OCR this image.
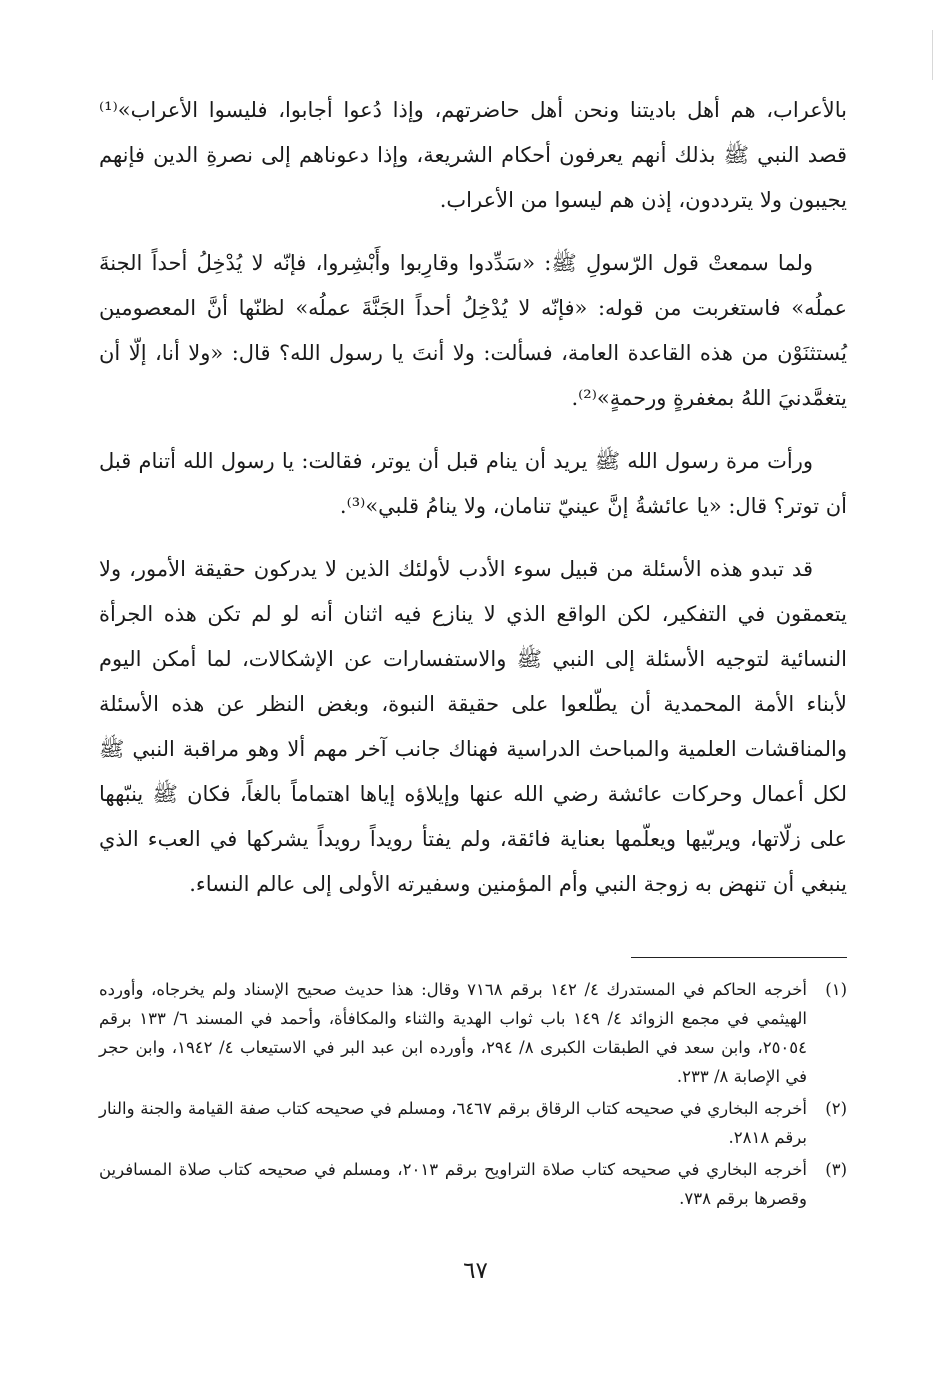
بالأعراب، هم أهل باديتنا ونحن أهل حاضرتهم، وإذا دُعوا أجابوا، فليسوا الأعراب»⁽¹⁾ قصد النبي ﷺ بذلك أنهم يعرفون أحكام الشريعة، وإذا دعوناهم إلى نصرةِ الدين فإنهم يجيبون ولا يترددون، إذن هم ليسوا من الأعراب.

ولما سمعتْ قول الرّسولِ ﷺ: «سَدِّدوا وقارِبوا وأَبْشِروا، فإنّه لا يُدْخِلُ أحداً الجنةَ عملُه» فاستغربت من قوله: «فإنّه لا يُدْخِلُ أحداً الجَنَّةَ عملُه» لظنّها أنَّ المعصومين يُستثنَوْن من هذه القاعدة العامة، فسألت: ولا أنتَ يا رسول الله؟ قال: «ولا أنا، إلّا أن يتغمَّدنيَ اللهُ بمغفرةٍ ورحمةٍ»⁽²⁾.

ورأت مرة رسول الله ﷺ يريد أن ينام قبل أن يوتر، فقالت: يا رسول الله أتنام قبل أن توتر؟ قال: «يا عائشةُ إنَّ عينيّ تنامان، ولا ينامُ قلبي»⁽³⁾.

قد تبدو هذه الأسئلة من قبيل سوء الأدب لأولئك الذين لا يدركون حقيقة الأمور، ولا يتعمقون في التفكير، لكن الواقع الذي لا ينازع فيه اثنان أنه لو لم تكن هذه الجرأة النسائية لتوجيه الأسئلة إلى النبي ﷺ والاستفسارات عن الإشكالات، لما أمكن اليوم لأبناء الأمة المحمدية أن يطّلعوا على حقيقة النبوة، وبغض النظر عن هذه الأسئلة والمناقشات العلمية والمباحث الدراسية فهناك جانب آخر مهم ألا وهو مراقبة النبي ﷺ لكل أعمال وحركات عائشة رضي الله عنها وإيلاؤه إياها اهتماماً بالغاً، فكان ﷺ ينبّهها على زلّاتها، ويربّيها ويعلّمها بعناية فائقة، ولم يفتأ رويداً رويداً يشركها في العبء الذي ينبغي أن تنهض به زوجة النبي وأم المؤمنين وسفيرته الأولى إلى عالم النساء.

(١)
أخرجه الحاكم في المستدرك ٤/ ١٤٢ برقم ٧١٦٨ وقال: هذا حديث صحيح الإسناد ولم يخرجاه، وأورده الهيثمي في مجمع الزوائد ٤/ ١٤٩ باب ثواب الهدية والثناء والمكافأة، وأحمد في المسند ٦/ ١٣٣ برقم ٢٥٠٥٤، وابن سعد في الطبقات الكبرى ٨/ ٢٩٤، وأورده ابن عبد البر في الاستيعاب ٤/ ١٩٤٢، وابن حجر في الإصابة ٨/ ٢٣٣.
(٢)
أخرجه البخاري في صحيحه كتاب الرقاق برقم ٦٤٦٧، ومسلم في صحيحه كتاب صفة القيامة والجنة والنار برقم ٢٨١٨.
(٣)
أخرجه البخاري في صحيحه كتاب صلاة التراويح برقم ٢٠١٣، ومسلم في صحيحه كتاب صلاة المسافرين وقصرها برقم ٧٣٨.
٦٧
